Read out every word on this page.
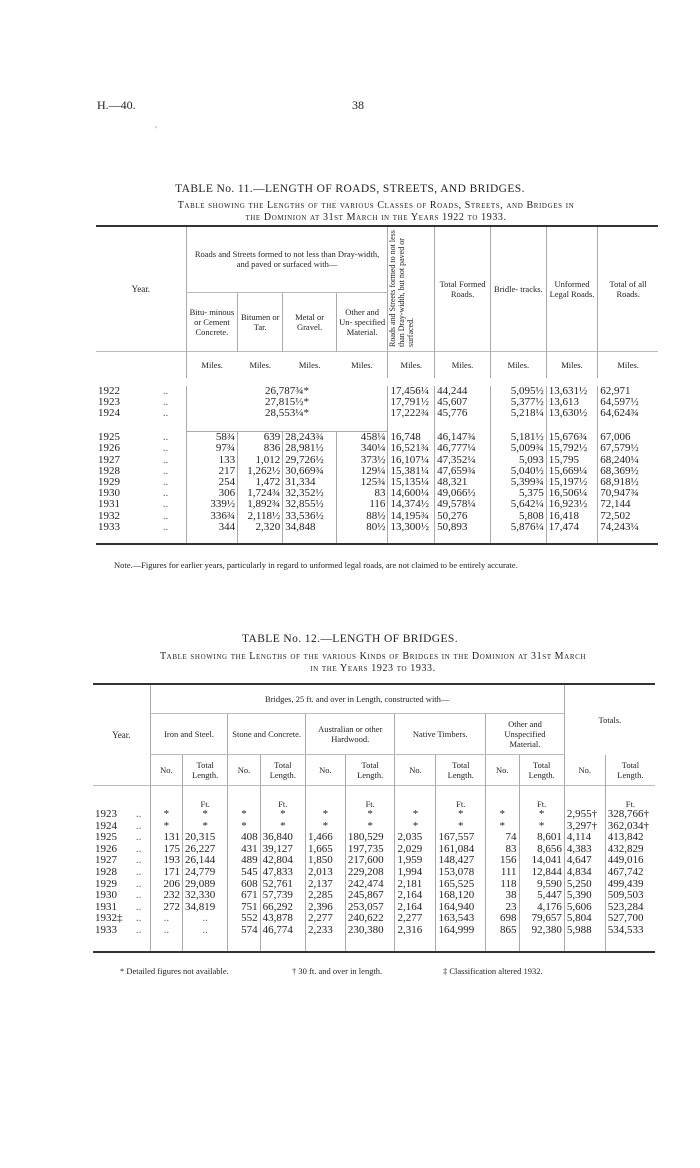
H.—40.	38
'
TABLE No. 11.—LENGTH OF ROADS, STREETS, AND BRIDGES.
Table showing the Lengths of the various Classes of Roads, Streets, and Bridges in
the Dominion at 31st March in the Years 1922 to 1933.
Year.		Roads and Streets formed to not less than Dray-width, and paved or surfaced with—				Roads and Streets formed to not less than Dray-width, but not paved or surfaced.	Total Formed Roads.	Bridle- tracks.	Unformed Legal Roads.	Total of all Roads.
		Bitu- minous or Cement Concrete.	Bitumen or Tar.	Metal or Gravel.	Other and Un- specified Material.					
		Miles.	Miles.	Miles.	Miles.	Miles.	Miles.	Miles.	Miles.	Miles.

1922	..	26,787¾*				17,456¼	44,244	5,095½	13,631½	62,971
1923	..	27,815½*				17,791½	45,607	5,377½	13,613	64,597½
1924	..	28,553¼*				17,222¾	45,776	5,218¼	13,630½	64,624¾

1925	..	58¾	639	28,243¾	458¼	16,748	46,147¾	5,181½	15,676¾	67,006
1926	..	97¾	836	28,981½	340¼	16,521¾	46,777¼	5,009¾	15,792½	67,579½
1927	..	133	1,012	29,726½	373½	16,107¼	47,352¼	5,093	15,795	68,240¼
1928	..	217	1,262½	30,669¾	129¼	15,381¼	47,659¾	5,040½	15,669¼	68,369½
1929	..	254	1,472	31,334	125¾	15,135¼	48,321	5,399¾	15,197½	68,918½
1930	..	306	1,724¾	32,352½	83	14,600¼	49,066½	5,375	16,506¼	70,947¾
1931	..	339½	1,892¾	32,855½	116	14,374½	49,578¼	5,642¼	16,923½	72,144
1932	..	336¾	2,118½	33,536½	88½	14,195¾	50,276	5,808	16,418	72,502
1933	..	344	2,320	34,848	80½	13,300½	50,893	5,876¼	17,474	74,243¼

Note.—Figures for earlier years, particularly in regard to unformed legal roads, are not claimed to be entirely accurate.
TABLE No. 12.—LENGTH OF BRIDGES.
Table showing the Lengths of the various Kinds of Bridges in the Dominion at 31st March
in the Years 1923 to 1933.
Year.		Bridges, 25 ft. and over in Length, constructed with—										Totals.	
		Iron and Steel.		Stone and Concrete.		Australian or other Hardwood.		Native Timbers.		Other and Unspecified Material.			
		No.	Total Length.	No.	Total Length.	No.	Total Length.	No.	Total Length.	No.	Total Length.	No.	Total Length.
			Ft.		Ft.		Ft.		Ft.		Ft.		Ft.
1923	..	*	*	*	*	*	*	*	*	*	*	2,955†	328,766†
1924	..	*	*	*	*	*	*	*	*	*	*	3,297†	362,034†
1925	..	131	20,315	408	36,840	1,466	180,529	2,035	167,557	74	8,601	4,114	413,842
1926	..	175	26,227	431	39,127	1,665	197,735	2,029	161,084	83	8,656	4,383	432,829
1927	..	193	26,144	489	42,804	1,850	217,600	1,959	148,427	156	14,041	4,647	449,016
1928	..	171	24,779	545	47,833	2,013	229,208	1,994	153,078	111	12,844	4,834	467,742
1929	..	206	29,089	608	52,761	2,137	242,474	2,181	165,525	118	9,590	5,250	499,439
1930	..	232	32,330	671	57,739	2,285	245,867	2,164	168,120	38	5,447	5,390	509,503
1931	..	272	34,819	751	66,292	2,396	253,057	2,164	164,940	23	4,176	5,606	523,284
1932‡	..	..	..	552	43,878	2,277	240,622	2,277	163,543	698	79,657	5,804	527,700
1933	..	..	..	574	46,774	2,233	230,380	2,316	164,999	865	92,380	5,988	534,533

* Detailed figures not available.	† 30 ft. and over in length.	‡ Classification altered 1932.
